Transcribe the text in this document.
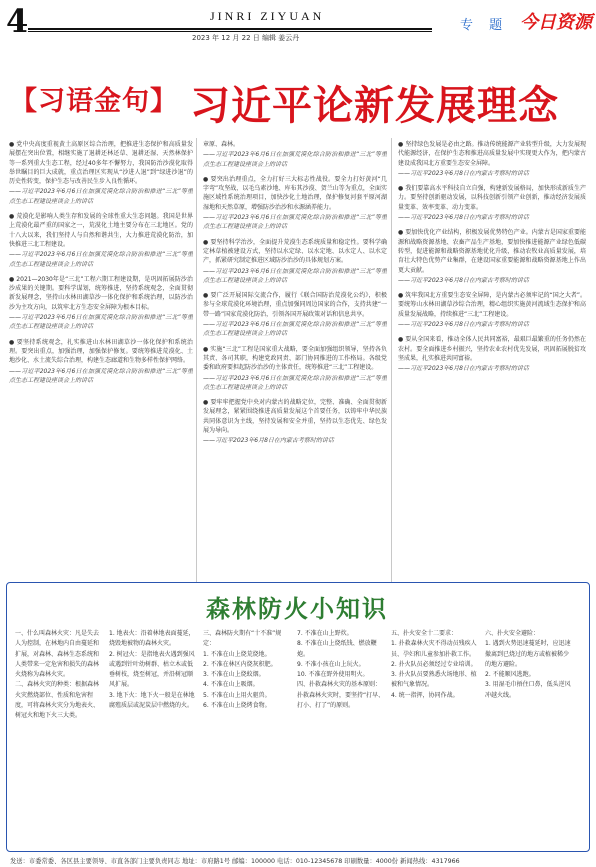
4	JINRI ZIYUAN
2023 年 12 月 22 日 编辑 姜云丹
专 题 今日资源
【习语金句】 习近平论新发展理念
● 党中央高度重视黄土高原区综合治理，把推进生态保护和高质量发展摆在突出位置，相继实施了退耕还林还草、退耕还湿、天然林保护等一系列重大生态工程，经过40多年不懈努力，我国防治沙漠化取得举世瞩目的巨大成就，重点治理区实现从“沙进人退”到“绿进沙退”的历史性转变，保护生态与改善民生步入良性循环。
——习近平2023年6月6日在加强荒漠化综合防治和推进“三北”等重点生态工程建设座谈会上的讲话
● 荒漠化是影响人类生存和发展的全球性重大生态问题。我国是世界上荒漠化最严重的国家之一，荒漠化土地主要分布在三北地区。党的十八大以来，我们坚持人与自然和谐共生，大力推进荒漠化防治，加快推进三北工程建设。
——习近平2023年6月6日在加强荒漠化综合防治和推进“三北”等重点生态工程建设座谈会上的讲话
● 2021—2030年是“三北”工程六期工程建设期，是巩固拓展防沙治沙成果的关键期。要科学谋划，统筹推进，坚持系统观念，全面贯彻新发展理念，坚持山水林田湖草沙一体化保护和系统治理，以防沙治沙为主攻方向，以筑牢北方生态安全屏障为根本目标。
——习近平2023年6月6日在加强荒漠化综合防治和推进“三北”等重点生态工程建设座谈会上的讲话
● 要坚持系统观念，扎实推进山水林田湖草沙一体化保护和系统治理。要突出重点，加强治理，加强保护修复。要统筹推进荒漠化、土地沙化、水土流失综合治理，构建生态廊道和生物多样性保护网络。
——习近平2023年6月6日在加强荒漠化综合防治和推进“三北”等重点生态工程建设座谈会上的讲话
章原、森林。
——习近平2023年6月6日在加强荒漠化综合防治和推进“三北”等重点生态工程建设座谈会上的讲话
● 要突出治理重点，全力打好三大标志性战役。要全力打好黄河“几字弯”攻坚战，以毛乌素沙地、库布其沙漠、贺兰山等为重点，全面实施区域性系统治理项目，加快沙化土地治理，保护修复河套平原河湖湿地和天然草原，增强防沙治沙和水源涵养能力。
——习近平2023年6月6日在加强荒漠化综合防治和推进“三北”等重点生态工程建设座谈会上的讲话
● 要坚持科学治沙，全面提升荒漠生态系统质量和稳定性。要科学确定林草植被建设方式，坚持以水定绿、以水定地、以水定人、以水定产，抓紧研究制定推进区域防沙治沙的具体规划方案。
——习近平2023年6月6日在加强荒漠化综合防治和推进“三北”等重点生态工程建设座谈会上的讲话
● 要广泛开展国际交流合作，履行《联合国防治荒漠化公约》，积极参与全球荒漠化环境治理，重点加强同周边国家的合作，支持共建“一带一路”国家荒漠化防治，引领各国开展政策对话和信息共享。
——习近平2023年6月6日在加强荒漠化综合防治和推进“三北”等重点生态工程建设座谈会上的讲话
● 实施“三北”工程是国家重大战略，要全面加强组织领导，坚持各负其责、各司其职，构建党政同责、部门协同推进的工作格局。各级党委和政府要担起防沙治沙的主体责任，统筹推进“三北”工程建设。
——习近平2023年6月6日在加强荒漠化综合防治和推进“三北”等重点生态工程建设座谈会上的讲话
● 要牢牢把握党中央对内蒙古的战略定位，完整、准确、全面贯彻新发展理念，紧紧围绕推进高质量发展这个首要任务，以铸牢中华民族共同体意识为主线，坚持发展和安全并重，坚持以生态优先、绿色发展为导向。
——习近平2023年6月8日在内蒙古考察时的讲话
● 坚持绿色发展是必由之路。推动传统能源产业转型升级，大力发展现代能源经济，在保护生态和推进高质量发展中实现更大作为，把内蒙古建设成我国北方重要生态安全屏障。
——习近平2023年6月8日在内蒙古考察时的讲话
● 我们要靠高水平科技自立自强，构建新发展格局，加快形成新质生产力。要坚持创新驱动发展，以科技创新引领产业创新，推动经济发展质量变革、效率变革、动力变革。
——习近平2023年6月8日在内蒙古考察时的讲话
● 要加快优化产业结构，积极发展优势特色产业。内蒙古是国家重要能源和战略资源基地、农畜产品生产基地，要加快推进能源产业绿色低碳转型，促进能源和战略资源基地优化升级，推动农牧业高质量发展，培育壮大特色优势产业集群，在建设国家重要能源和战略资源基地上作出更大贡献。
——习近平2023年6月8日在内蒙古考察时的讲话
● 筑牢我国北方重要生态安全屏障，是内蒙古必须牢记的“国之大者”。要统筹山水林田湖草沙综合治理，精心组织实施黄河流域生态保护和高质量发展战略，持续推进“三北”工程建设。
——习近平2023年6月8日在内蒙古考察时的讲话
● 要从全国来看，推动全体人民共同富裕，最艰巨最繁重的任务仍然在农村。要全面推进乡村振兴，坚持农业农村优先发展，巩固拓展脱贫攻坚成果，扎实推进共同富裕。
——习近平2023年6月8日在内蒙古考察时的讲话
森林防火小知识
一、什么叫森林火灾：凡是失去人为控制，在林地内自由蔓延和扩展，对森林、森林生态系统和人类带来一定危害和损失的森林火烧称为森林火灾。
二、森林火灾的种类：根据森林火灾燃烧部位、性质和危害程度，可将森林火灾分为地表火、树冠火和地下火三大类。
1. 地表火：沿着林地表面蔓延，烧毁地被物的森林火灾。
2. 树冠火：是指地表火遇到强风或遇到针叶幼树群、枯立木或低垂树枝，烧至树冠，并沿树冠顺风扩展。
3. 地下火：地下火一般是在林地腐殖质层或泥炭层中燃烧的火。
三、森林防火期有“十不准”规定：
1. 不准在山上烧荒烧地。
2. 不准在林区内烧灰积肥。
3. 不准在山上烧蚊烟。
4. 不准在山上吸烟。
5. 不准在山上用火驱兽。
6. 不准在山上烧烤食物。
7. 不准在山上野炊。
8. 不准在山上烧纸钱、燃放鞭炮。
9. 不准小孩在山上玩火。
10. 不准在野外使用明火。
四、扑救森林火灾的基本原则：扑救森林火灾时，要坚持“打早、打小、打了”的原则。
五、扑火安全十二要求：
1. 扑救森林火灾不得动员残疾人员、孕妇和儿童参加扑救工作。
2. 扑火队员必须经过专业培训。
3. 扑火队员要熟悉火场地形、植被和气象情况。
4. 统一指挥，协同作战。
六、扑火安全避险：
1. 遇到火势迅速蔓延时，应迅速撤离到已烧过的地方或植被稀少的地方避险。
2. 不能顺风逃跑。
3. 用湿毛巾捂住口鼻，低头逆风冲越火线。
发送：市委常委、各区县主要领导、市直各部门主要负责同志 地址：市府路1号 邮编：100000 电话：010-12345678 印刷数量：4000份 新闻热线：4317966
